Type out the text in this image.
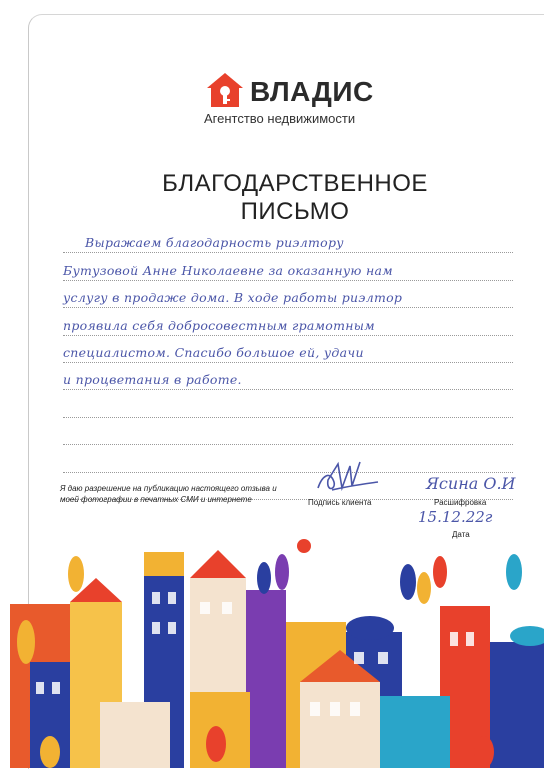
ВЛАДИС
Агентство недвижимости
БЛАГОДАРСТВЕННОЕ
ПИСЬМО
Выражаем благодарность риэлтору
Бутузовой Анне Николаевне за оказанную нам
услугу в продаже дома. В ходе работы риэлтор
проявила себя добросовестным грамотным
специалистом. Спасибо большое ей, удачи
и процветания в работе.
Я даю разрешение на публикацию настоящего отзыва и моей фотографии в печатных СМИ и интернете	Подпись клиента
Ясина О.И
Расшифровка
15.12.22г
Дата
